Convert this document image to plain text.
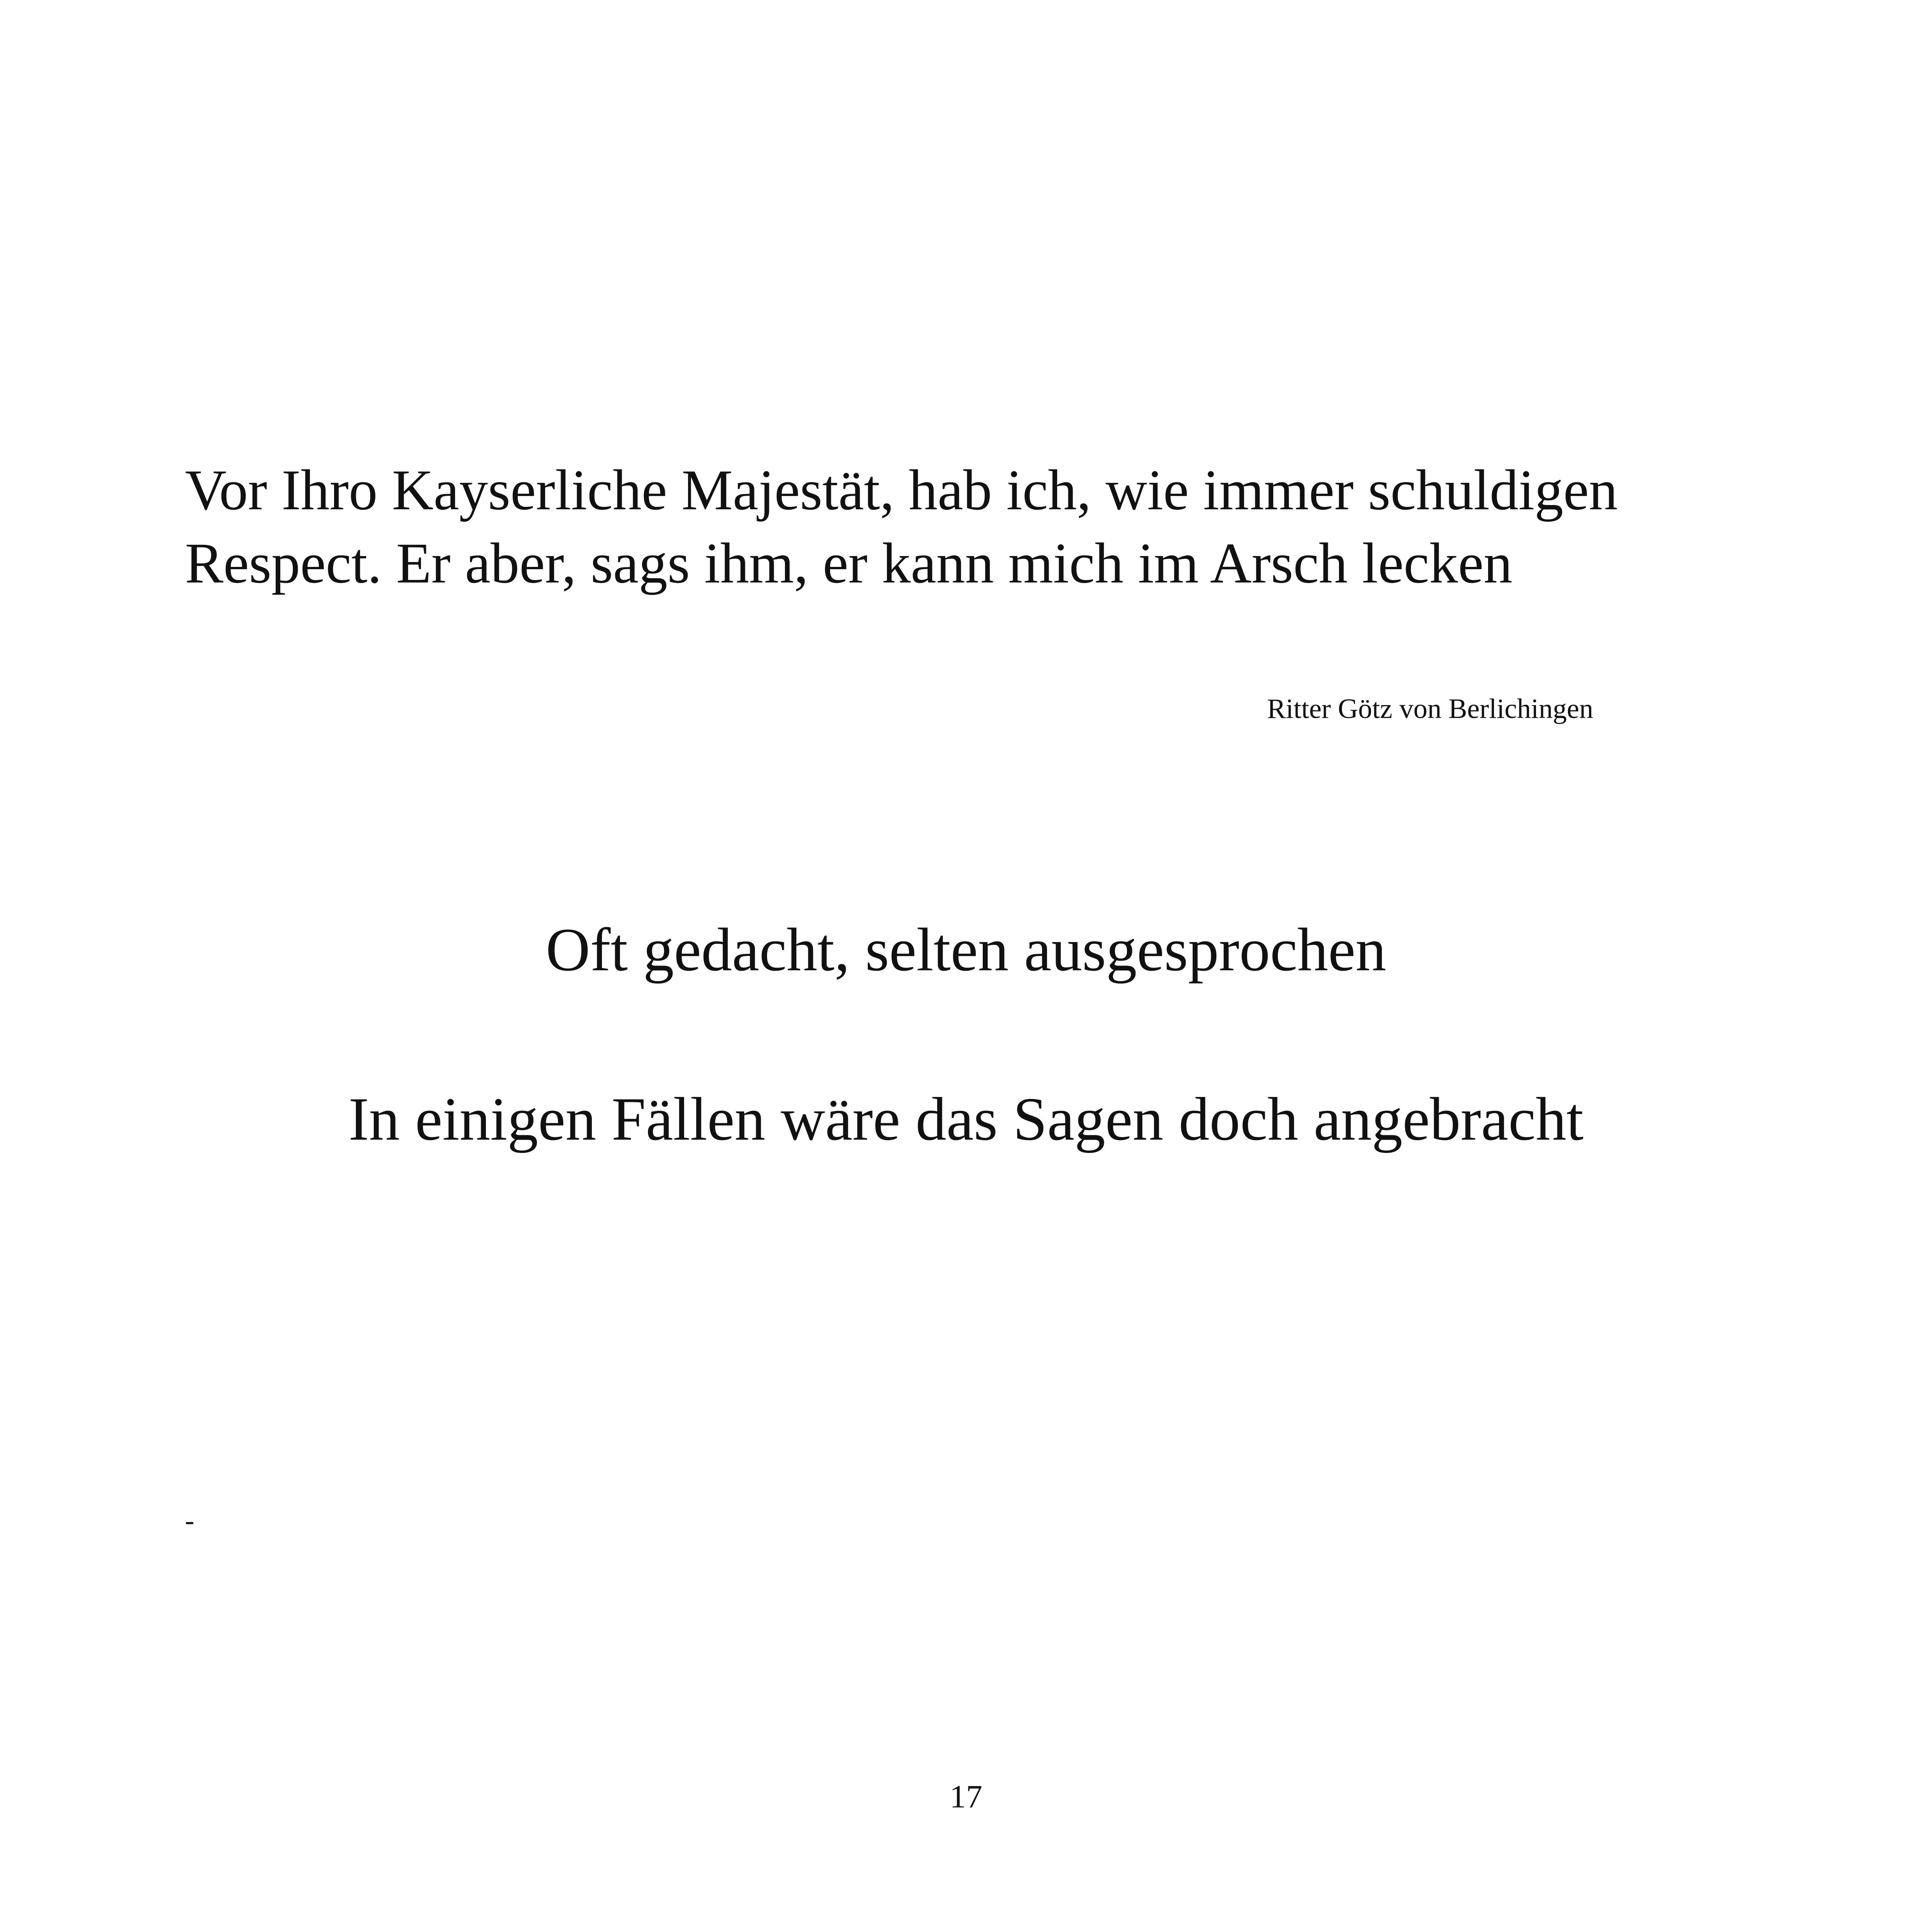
Vor Ihro Kayserliche Majestät, hab ich, wie immer schuldigen Respect. Er aber, sags ihm, er kann mich im Arsch lecken

Ritter Götz von Berlichingen

Oft gedacht, selten ausgesprochen
In einigen Fällen wäre das Sagen doch angebracht

-

17
